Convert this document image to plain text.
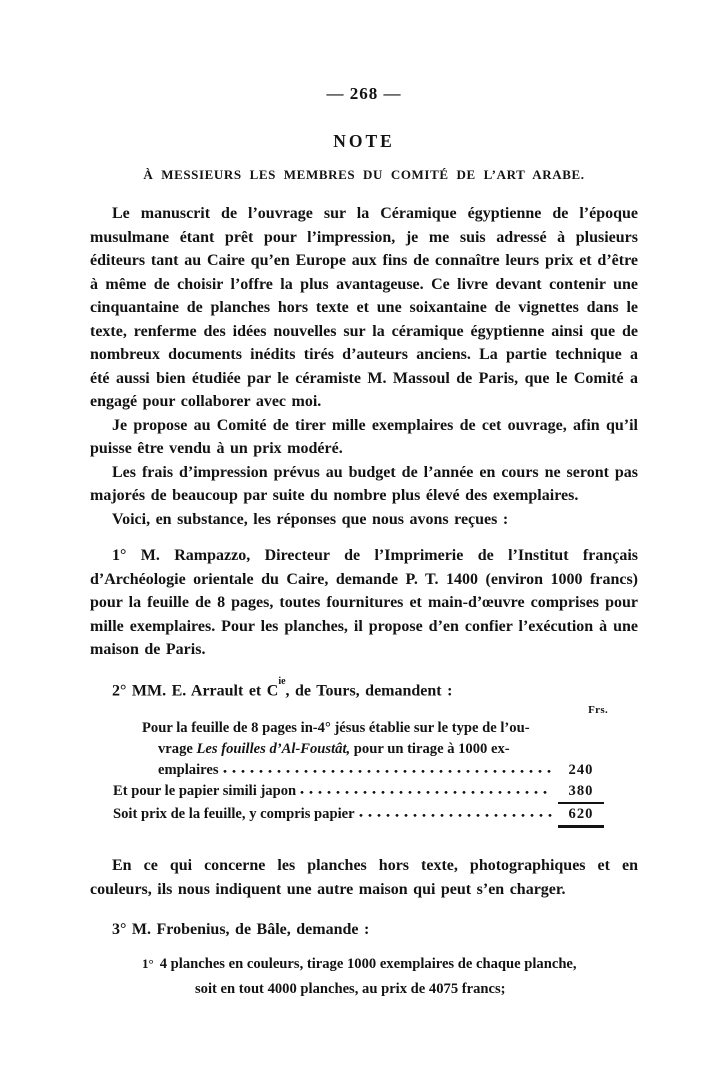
— 268 —
NOTE
À MESSIEURS LES MEMBRES DU COMITÉ DE L’ART ARABE.

Le manuscrit de l’ouvrage sur la Céramique égyptienne de l’époque musulmane étant prêt pour l’impression, je me suis adressé à plusieurs éditeurs tant au Caire qu’en Europe aux fins de connaître leurs prix et d’être à même de choisir l’offre la plus avantageuse. Ce livre devant contenir une cinquantaine de planches hors texte et une soixantaine de vignettes dans le texte, renferme des idées nouvelles sur la céramique égyptienne ainsi que de nombreux documents inédits tirés d’auteurs anciens. La partie technique a été aussi bien étudiée par le céramiste M. Massoul de Paris, que le Comité a engagé pour collaborer avec moi.

Je propose au Comité de tirer mille exemplaires de cet ouvrage, afin qu’il puisse être vendu à un prix modéré.

Les frais d’impression prévus au budget de l’année en cours ne seront pas majorés de beaucoup par suite du nombre plus élevé des exemplaires.

Voici, en substance, les réponses que nous avons reçues :

1° M. Rampazzo, Directeur de l’Imprimerie de l’Institut français d’Archéologie orientale du Caire, demande P. T. 1400 (environ 1000 francs) pour la feuille de 8 pages, toutes fournitures et main-d’œuvre comprises pour mille exemplaires. Pour les planches, il propose d’en confier l’exécution à une maison de Paris.

2° MM. E. Arrault et $C^{ie}$, de Tours, demandent :

Frs.
Pour la feuille de 8 pages in-4° jésus établie sur le type de l’ou-
vrage Les fouilles d’Al-Foustât, pour un tirage à 1000 ex-
emplaires	240
Et pour le papier simili japon	380
Soit prix de la feuille, y compris papier	620

En ce qui concerne les planches hors texte, photographiques et en couleurs, ils nous indiquent une autre maison qui peut s’en charger.

3° M. Frobenius, de Bâle, demande :

1° 4 planches en couleurs, tirage 1000 exemplaires de chaque planche,
soit en tout 4000 planches, au prix de 4075 francs;
